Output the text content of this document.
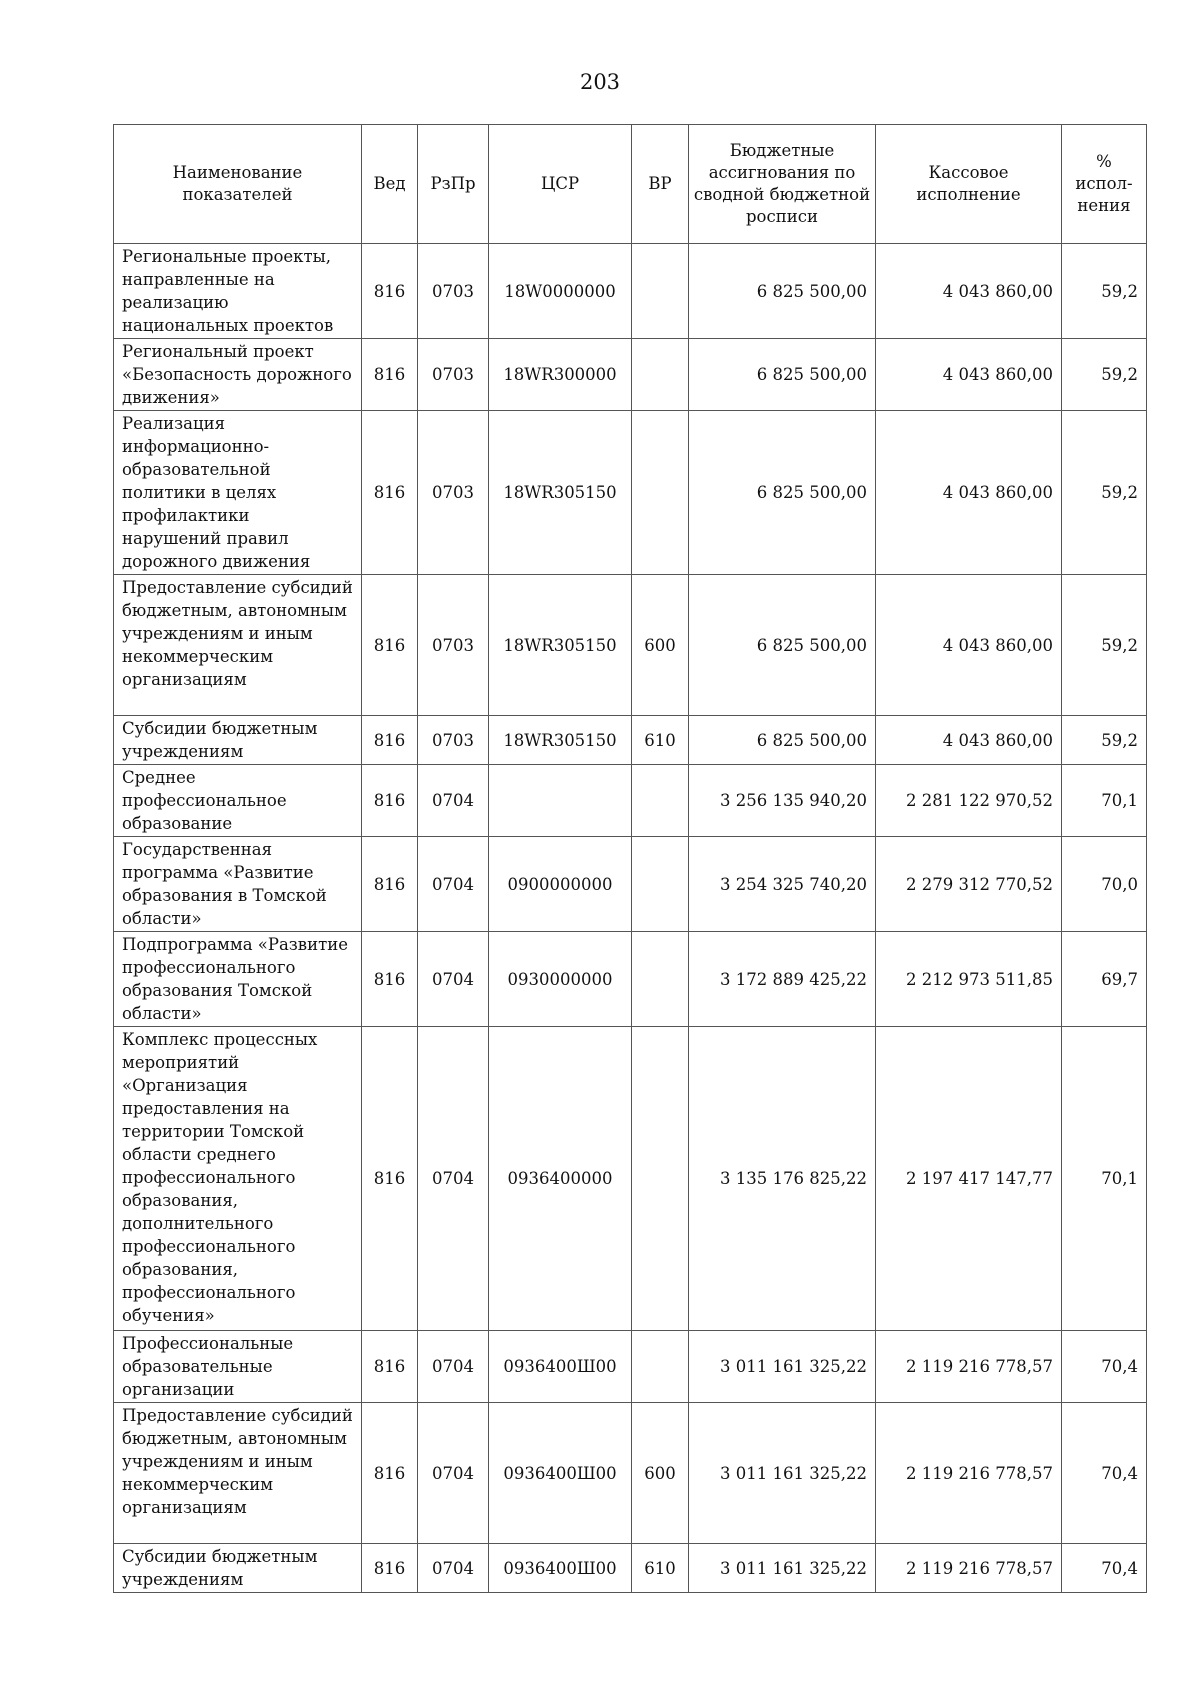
203
Наименование показателей	Вед	РзПр	ЦСР	ВР	Бюджетные ассигнования по сводной бюджетной росписи	Кассовое исполнение	% испол-нения
Региональные проекты, направленные на реализацию национальных проектов	816	0703	18W0000000		6 825 500,00	4 043 860,00	59,2
Региональный проект «Безопасность дорожного движения»	816	0703	18WR300000		6 825 500,00	4 043 860,00	59,2
Реализация информационно-образовательной политики в целях профилактики нарушений правил дорожного движения	816	0703	18WR305150		6 825 500,00	4 043 860,00	59,2
Предоставление субсидий бюджетным, автономным учреждениям и иным некоммерческим организациям	816	0703	18WR305150	600	6 825 500,00	4 043 860,00	59,2
Субсидии бюджетным учреждениям	816	0703	18WR305150	610	6 825 500,00	4 043 860,00	59,2
Среднее профессиональное образование	816	0704			3 256 135 940,20	2 281 122 970,52	70,1
Государственная программа «Развитие образования в Томской области»	816	0704	0900000000		3 254 325 740,20	2 279 312 770,52	70,0
Подпрограмма «Развитие профессионального образования Томской области»	816	0704	0930000000		3 172 889 425,22	2 212 973 511,85	69,7
Комплекс процессных мероприятий «Организация предоставления на территории Томской области среднего профессионального образования, дополнительного профессионального образования, профессионального обучения»	816	0704	0936400000		3 135 176 825,22	2 197 417 147,77	70,1
Профессиональные образовательные организации	816	0704	0936400Ш00		3 011 161 325,22	2 119 216 778,57	70,4
Предоставление субсидий бюджетным, автономным учреждениям и иным некоммерческим организациям	816	0704	0936400Ш00	600	3 011 161 325,22	2 119 216 778,57	70,4
Субсидии бюджетным учреждениям	816	0704	0936400Ш00	610	3 011 161 325,22	2 119 216 778,57	70,4
